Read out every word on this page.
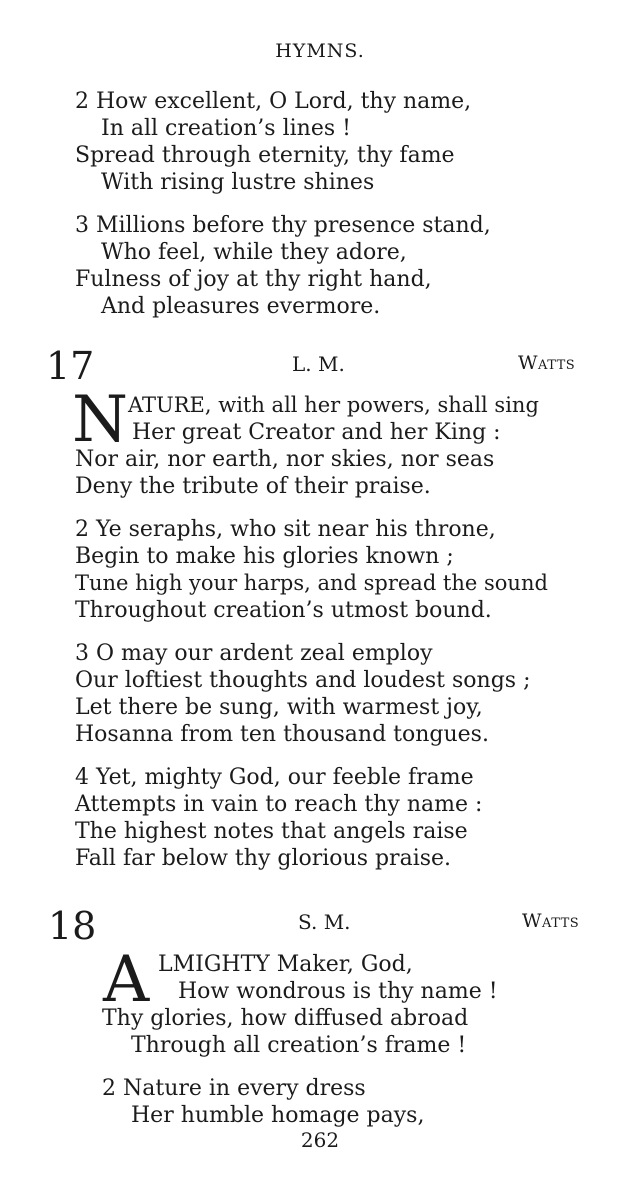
HYMNS.
2 How excellent, O Lord, thy name,
In all creation’s lines !
Spread through eternity, thy fame
With rising lustre shines
3 Millions before thy presence stand,
Who feel, while they adore,
Fulness of joy at thy right hand,
And pleasures evermore.
17	L. M.	Watts
N ATURE, with all her powers, shall sing
Her great Creator and her King :
Nor air, nor earth, nor skies, nor seas
Deny the tribute of their praise.
2 Ye seraphs, who sit near his throne,
Begin to make his glories known ;
Tune high your harps, and spread the sound
Throughout creation’s utmost bound.
3 O may our ardent zeal employ
Our loftiest thoughts and loudest songs ;
Let there be sung, with warmest joy,
Hosanna from ten thousand tongues.
4 Yet, mighty God, our feeble frame
Attempts in vain to reach thy name :
The highest notes that angels raise
Fall far below thy glorious praise.
18	S. M.	Watts
A LMIGHTY Maker, God,
How wondrous is thy name !
Thy glories, how diffused abroad
Through all creation’s frame !
2 Nature in every dress
Her humble homage pays,
262
